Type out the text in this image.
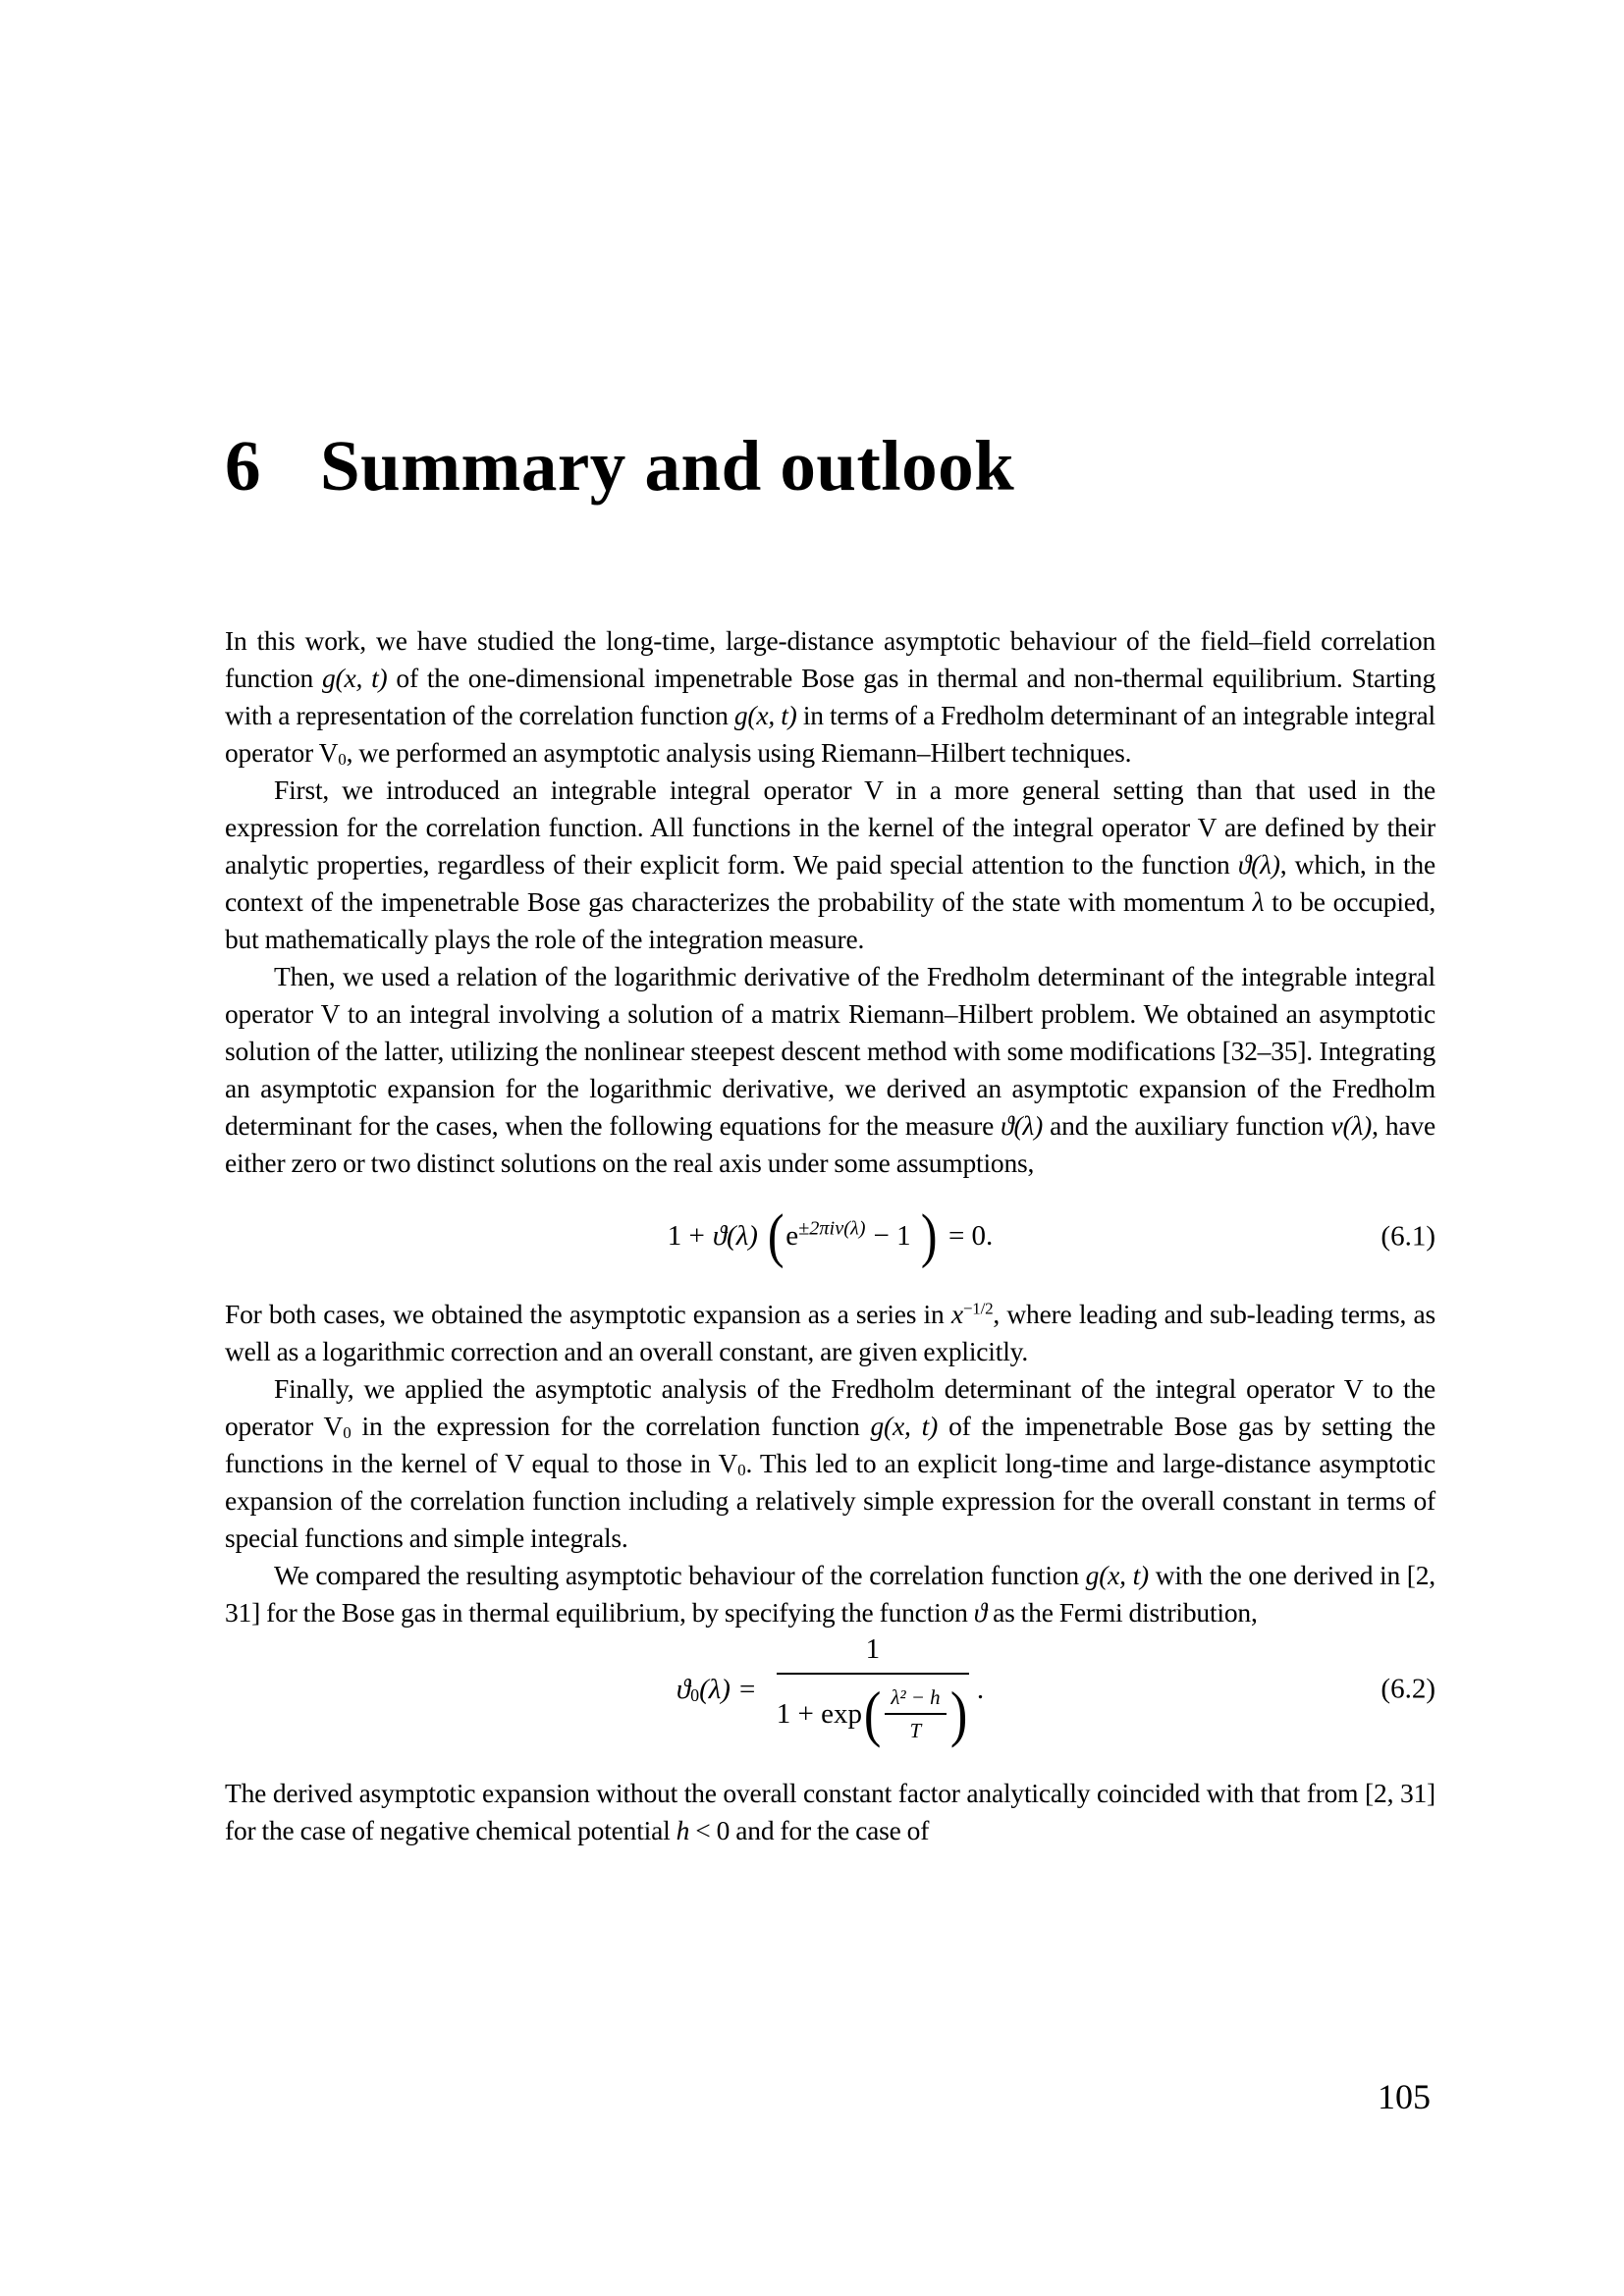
6 Summary and outlook

In this work, we have studied the long-time, large-distance asymptotic behaviour of the field–field correlation function g(x, t) of the one-dimensional impenetrable Bose gas in thermal and non-thermal equilibrium. Starting with a representation of the correlation function g(x, t) in terms of a Fredholm determinant of an integrable integral operator $V_0$, we performed an asymptotic analysis using Riemann–Hilbert techniques.

First, we introduced an integrable integral operator V in a more general setting than that used in the expression for the correlation function. All functions in the kernel of the integral operator V are defined by their analytic properties, regardless of their explicit form. We paid special attention to the function ϑ(λ), which, in the context of the impenetrable Bose gas characterizes the probability of the state with momentum λ to be occupied, but mathematically plays the role of the integration measure.

Then, we used a relation of the logarithmic derivative of the Fredholm determinant of the integrable integral operator V to an integral involving a solution of a matrix Riemann–Hilbert problem. We obtained an asymptotic solution of the latter, utilizing the nonlinear steepest descent method with some modifications [32–35]. Integrating an asymptotic expansion for the logarithmic derivative, we derived an asymptotic expansion of the Fredholm determinant for the cases, when the following equations for the measure ϑ(λ) and the auxiliary function ν(λ), have either zero or two distinct solutions on the real axis under some assumptions,

1 + ϑ(λ) ( $e^{\pm 2\pi i\nu(\lambda)} - 1$ ) = 0.	(6.1)

For both cases, we obtained the asymptotic expansion as a series in $x^{-1/2}$, where leading and sub-leading terms, as well as a logarithmic correction and an overall constant, are given explicitly.

Finally, we applied the asymptotic analysis of the Fredholm determinant of the integral operator V to the operator $V_0$ in the expression for the correlation function g(x, t) of the impenetrable Bose gas by setting the functions in the kernel of V equal to those in $V_0$. This led to an explicit long-time and large-distance asymptotic expansion of the correlation function including a relatively simple expression for the overall constant in terms of special functions and simple integrals.

We compared the resulting asymptotic behaviour of the correlation function g(x, t) with the one derived in [2, 31] for the Bose gas in thermal equilibrium, by specifying the function ϑ as the Fermi distribution,

$ϑ_0(\lambda)$ =
1
1 + exp ( $\frac{\text{λ² − h}}{T}$ ) .	(6.2)

The derived asymptotic expansion without the overall constant factor analytically coincided with that from [2, 31] for the case of negative chemical potential h < 0 and for the case of

105
